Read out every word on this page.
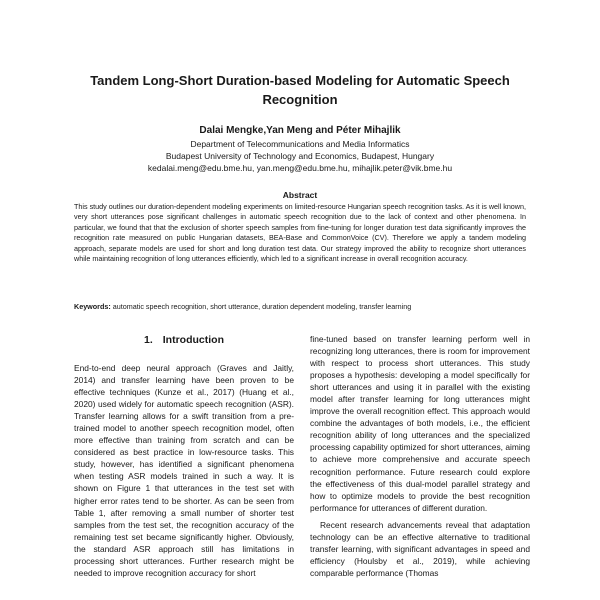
Tandem Long-Short Duration-based Modeling for Automatic Speech Recognition
Dalai Mengke,Yan Meng and Péter Mihajlik
Department of Telecommunications and Media Informatics
Budapest University of Technology and Economics, Budapest, Hungary
kedalai.meng@edu.bme.hu, yan.meng@edu.bme.hu, mihajlik.peter@vik.bme.hu
Abstract
This study outlines our duration-dependent modeling experiments on limited-resource Hungarian speech recognition tasks. As it is well known, very short utterances pose significant challenges in automatic speech recognition due to the lack of context and other phenomena. In particular, we found that that the exclusion of shorter speech samples from fine-tuning for longer duration test data significantly improves the recognition rate measured on public Hungarian datasets, BEA-Base and CommonVoice (CV). Therefore we apply a tandem modeling approach, separate models are used for short and long duration test data. Our strategy improved the ability to recognize short utterances while maintaining recognition of long utterances efficiently, which led to a significant increase in overall recognition accuracy.
Keywords: automatic speech recognition, short utterance, duration dependent modeling, transfer learning
1. Introduction

End-to-end deep neural approach (Graves and Jaitly, 2014) and transfer learning have been proven to be effective techniques (Kunze et al., 2017) (Huang et al., 2020) used widely for automatic speech recognition (ASR). Transfer learning allows for a swift transition from a pre-trained model to another speech recognition model, often more effective than training from scratch and can be considered as best practice in low-resource tasks. This study, however, has identified a significant phenomena when testing ASR models trained in such a way. It is shown on Figure 1 that utterances in the test set with higher error rates tend to be shorter. As can be seen from Table 1, after removing a small number of shorter test samples from the test set, the recognition accuracy of the remaining test set became significantly higher. Obviously, the standard ASR approach still has limitations in processing short utterances. Further research might be needed to improve recognition accuracy for short

fine-tuned based on transfer learning perform well in recognizing long utterances, there is room for improvement with respect to process short utterances. This study proposes a hypothesis: developing a model specifically for short utterances and using it in parallel with the existing model after transfer learning for long utterances might improve the overall recognition effect. This approach would combine the advantages of both models, i.e., the efficient recognition ability of long utterances and the specialized processing capability optimized for short utterances, aiming to achieve more comprehensive and accurate speech recognition performance. Future research could explore the effectiveness of this dual-model parallel strategy and how to optimize models to provide the best recognition performance for utterances of different duration.

Recent research advancements reveal that adaptation technology can be an effective alternative to traditional transfer learning, with significant advantages in speed and efficiency (Houlsby et al., 2019), while achieving comparable performance (Thomas
